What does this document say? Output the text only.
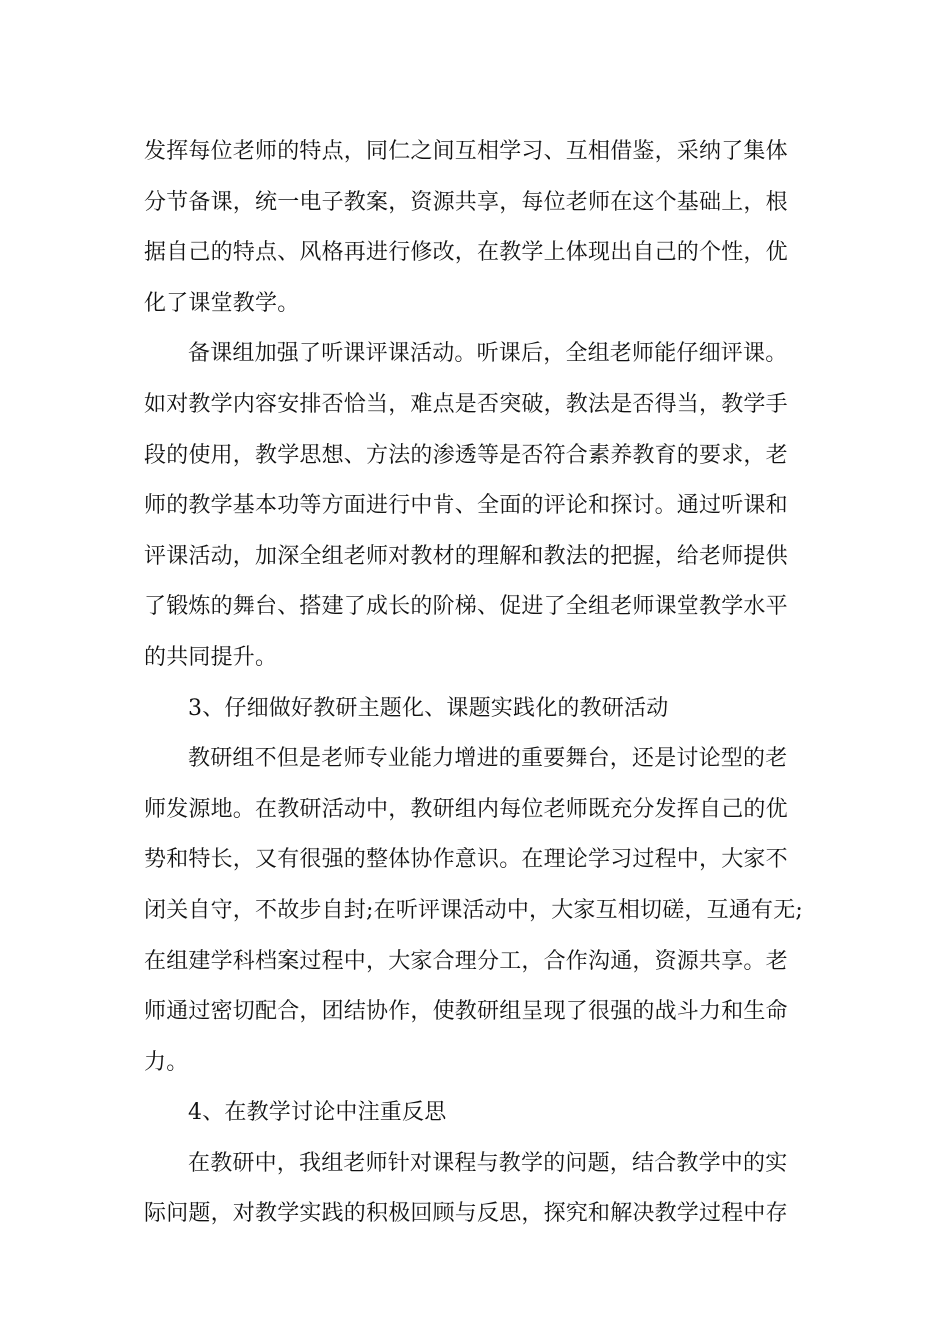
发挥每位老师的特点，同仁之间互相学习、互相借鉴，采纳了集体
分节备课，统一电子教案，资源共享，每位老师在这个基础上，根
据自己的特点、风格再进行修改，在教学上体现出自己的个性，优
化了课堂教学。
备课组加强了听课评课活动。听课后，全组老师能仔细评课。
如对教学内容安排否恰当，难点是否突破，教法是否得当，教学手
段的使用，教学思想、方法的渗透等是否符合素养教育的要求，老
师的教学基本功等方面进行中肯、全面的评论和探讨。通过听课和
评课活动，加深全组老师对教材的理解和教法的把握，给老师提供
了锻炼的舞台、搭建了成长的阶梯、促进了全组老师课堂教学水平
的共同提升。
3、仔细做好教研主题化、课题实践化的教研活动
教研组不但是老师专业能力增进的重要舞台，还是讨论型的老
师发源地。在教研活动中，教研组内每位老师既充分发挥自己的优
势和特长，又有很强的整体协作意识。在理论学习过程中，大家不
闭关自守，不故步自封;在听评课活动中，大家互相切磋，互通有无;
在组建学科档案过程中，大家合理分工，合作沟通，资源共享。老
师通过密切配合，团结协作，使教研组呈现了很强的战斗力和生命
力。
4、在教学讨论中注重反思
在教研中，我组老师针对课程与教学的问题，结合教学中的实
际问题，对教学实践的积极回顾与反思，探究和解决教学过程中存
